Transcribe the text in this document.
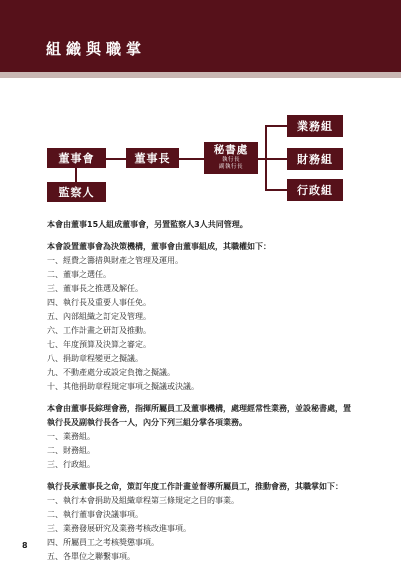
組織與職掌
董事會	董事長
監察人
秘書處
執行長
副執行長
業務組
財務組
行政組

本會由董事15人組成董事會，另置監察人3人共同管理。

本會設置董事會為決策機構，董事會由董事組成，其職權如下：

一、經費之籌措與財產之管理及運用。
二、董事之選任。
三、董事長之推選及解任。
四、執行長及重要人事任免。
五、內部組織之訂定及管理。
六、工作計畫之研訂及推動。
七、年度預算及決算之審定。
八、捐助章程變更之擬議。
九、不動產處分或設定負擔之擬議。
十、其他捐助章程規定事項之擬議或決議。

本會由董事長綜理會務，指揮所屬員工及董事機構，處理經常性業務，並設秘書處，置執行長及副執行長各一人，內分下列三組分掌各項業務。

一、業務組。
二、財務組。
三、行政組。

執行長承董事長之命，策訂年度工作計畫並督導所屬員工，推動會務，其職掌如下：

一、執行本會捐助及組織章程第三條規定之目的事業。
二、執行董事會決議事項。
三、業務發展研究及業務考核改進事項。
四、所屬員工之考核獎懲事項。
五、各單位之聯繫事項。
8
